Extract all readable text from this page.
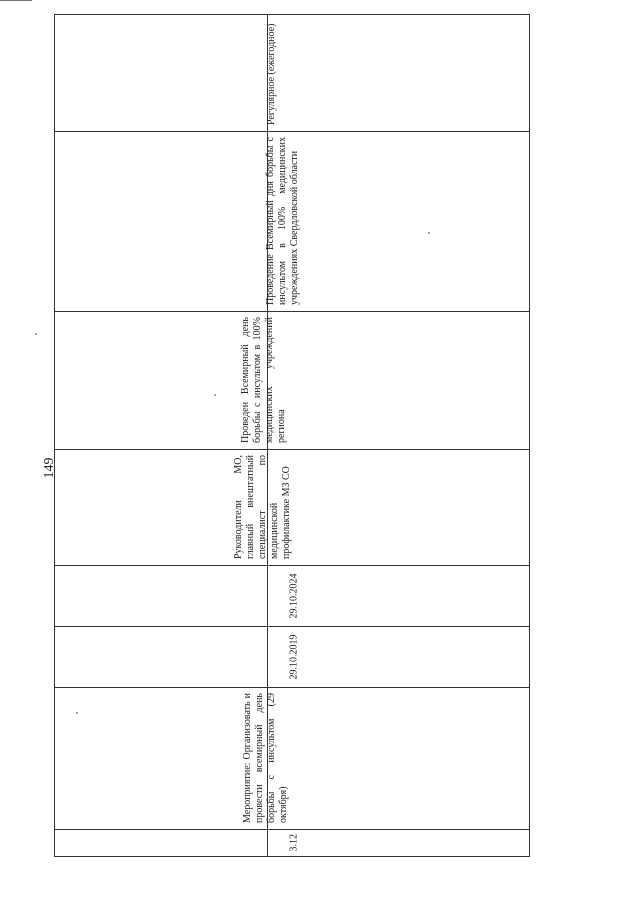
149
Регулярное (ежегодное)
Проведение Всемирный дня борьбы с инсультом в 100% медицинских учреждениях Свердловской области
Проведен Всемирный день борьбы с инсультом в 100% медицинских учреждений региона
Руководители МО, главный внештатный специалист по медицинской профилактике МЗ СО
29.10.2024
29.10.2019
Мероприятие: Организовать и провести всемирный день борьбы с инсультом (29 октября)
3.12
